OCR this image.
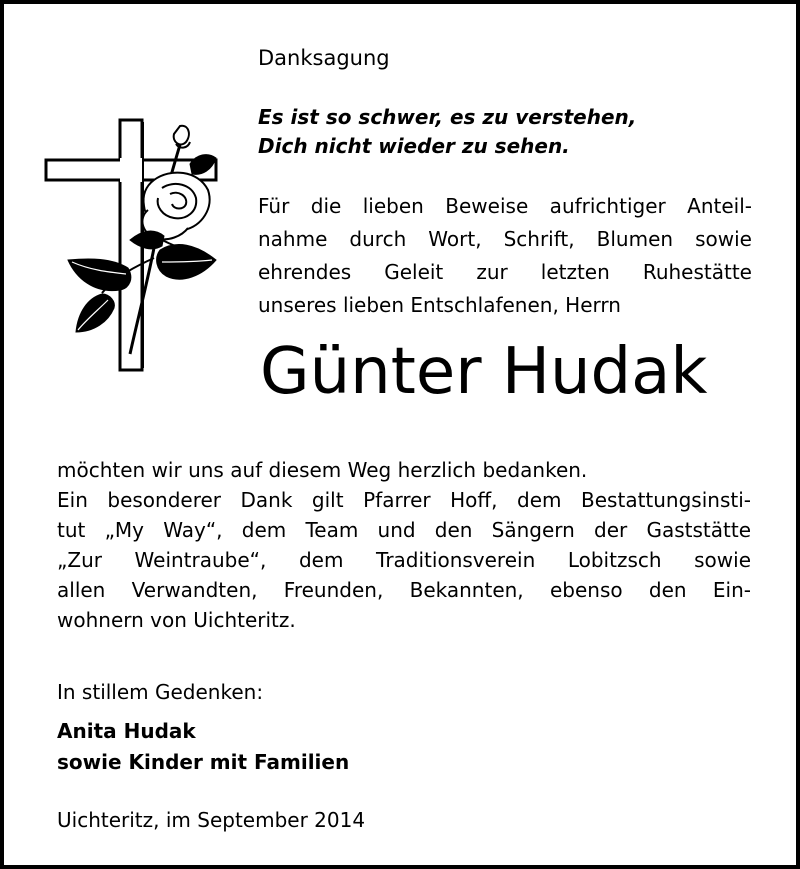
Danksagung
Es ist so schwer, es zu verstehen,
Dich nicht wieder zu sehen.
Für die lieben Beweise aufrichtiger Anteil-
nahme durch Wort, Schrift, Blumen sowie
ehrendes Geleit zur letzten Ruhestätte
unseres lieben Entschlafenen, Herrn
Günter Hudak
möchten wir uns auf diesem Weg herzlich bedanken.
Ein besonderer Dank gilt Pfarrer Hoff, dem Bestattungsinsti-
tut „My Way“, dem Team und den Sängern der Gaststätte
„Zur Weintraube“, dem Traditionsverein Lobitzsch sowie
allen Verwandten, Freunden, Bekannten, ebenso den Ein-
wohnern von Uichteritz.
In stillem Gedenken:
Anita Hudak
sowie Kinder mit Familien
Uichteritz, im September 2014
